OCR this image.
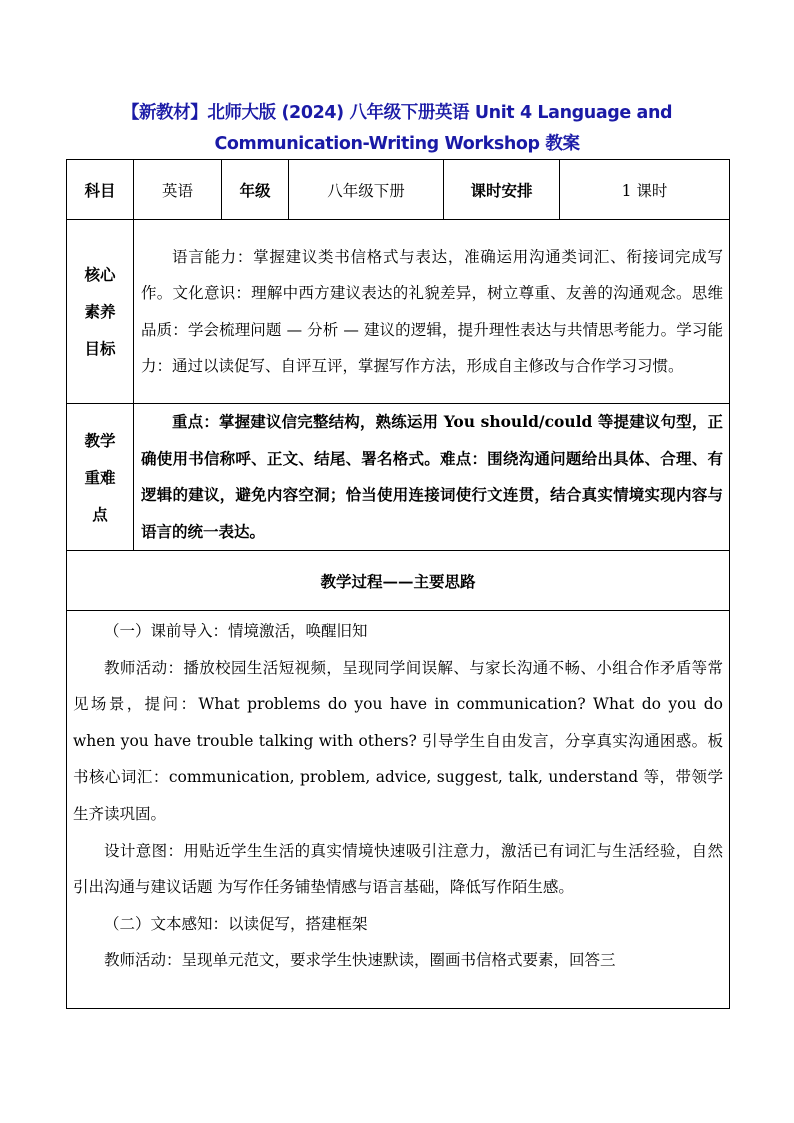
【新教材】北师大版 (2024) 八年级下册英语 Unit 4 Language and
Communication-Writing Workshop 教案
科目	英语	年级	八年级下册	课时安排	1 课时
核心素养目标	语言能力：掌握建议类书信格式与表达，准确运用沟通类词汇、衔接词完成写作。文化意识：理解中西方建议表达的礼貌差异，树立尊重、友善的沟通观念。思维品质：学会梳理问题 — 分析 — 建议的逻辑，提升理性表达与共情思考能力。学习能力：通过以读促写、自评互评，掌握写作方法，形成自主修改与合作学习习惯。				

教学重难点	重点：掌握建议信完整结构，熟练运用 You should/could 等提建议句型，正确使用书信称呼、正文、结尾、署名格式。难点：围绕沟通问题给出具体、合理、有逻辑的建议，避免内容空洞；恰当使用连接词使行文连贯，结合真实情境实现内容与语言的统一表达。				

教学过程——主要思路					

（一）课前导入：情境激活，唤醒旧知

教师活动：播放校园生活短视频，呈现同学间误解、与家长沟通不畅、小组合作矛盾等常见场景，提问：What problems do you have in communication? What do you do when you have trouble talking with others? 引导学生自由发言，分享真实沟通困惑。板书核心词汇：communication, problem, advice, suggest, talk, understand 等，带领学生齐读巩固。

设计意图：用贴近学生生活的真实情境快速吸引注意力，激活已有词汇与生活经验，自然引出沟通与建议话题 为写作任务铺垫情感与语言基础，降低写作陌生感。

（二）文本感知：以读促写，搭建框架

教师活动：呈现单元范文，要求学生快速默读，圈画书信格式要素，回答三					
